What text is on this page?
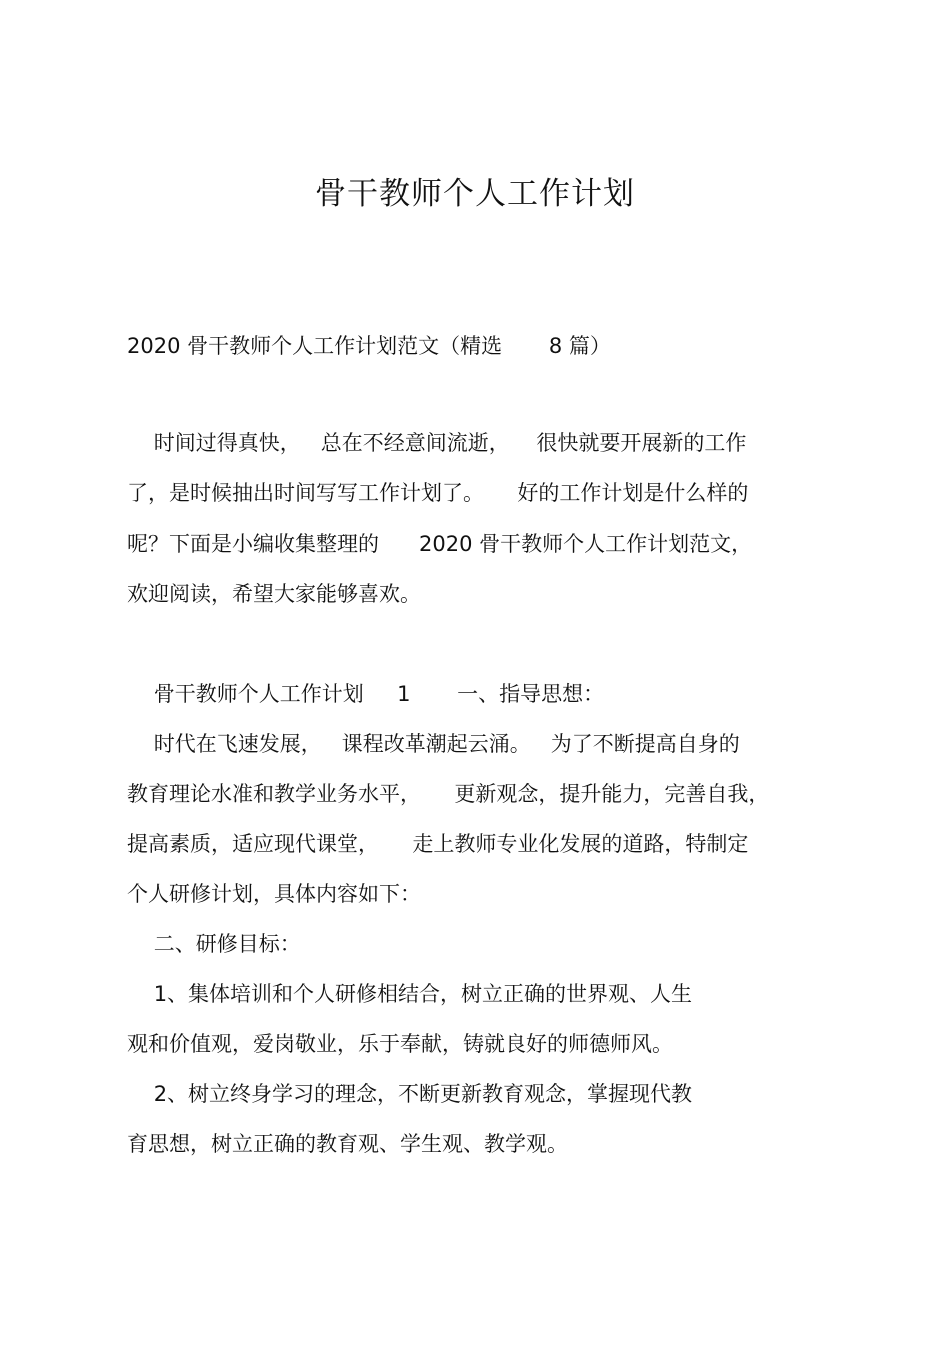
骨干教师个人工作计划
2020 骨干教师个人工作计划范文（精选       8 篇）
时间过得真快，   总在不经意间流逝，    很快就要开展新的工作
了，是时候抽出时间写写工作计划了。     好的工作计划是什么样的
呢？下面是小编收集整理的      2020 骨干教师个人工作计划范文，
欢迎阅读，希望大家能够喜欢。
骨干教师个人工作计划     1       一、指导思想：
时代在飞速发展，   课程改革潮起云涌。   为了不断提高自身的
教育理论水准和教学业务水平，     更新观念，提升能力，完善自我，
提高素质，适应现代课堂，     走上教师专业化发展的道路，特制定
个人研修计划，具体内容如下：
二、研修目标：
1、集体培训和个人研修相结合，树立正确的世界观、人生
观和价值观，爱岗敬业，乐于奉献，铸就良好的师德师风。
2、树立终身学习的理念，不断更新教育观念，掌握现代教
育思想，树立正确的教育观、学生观、教学观。
